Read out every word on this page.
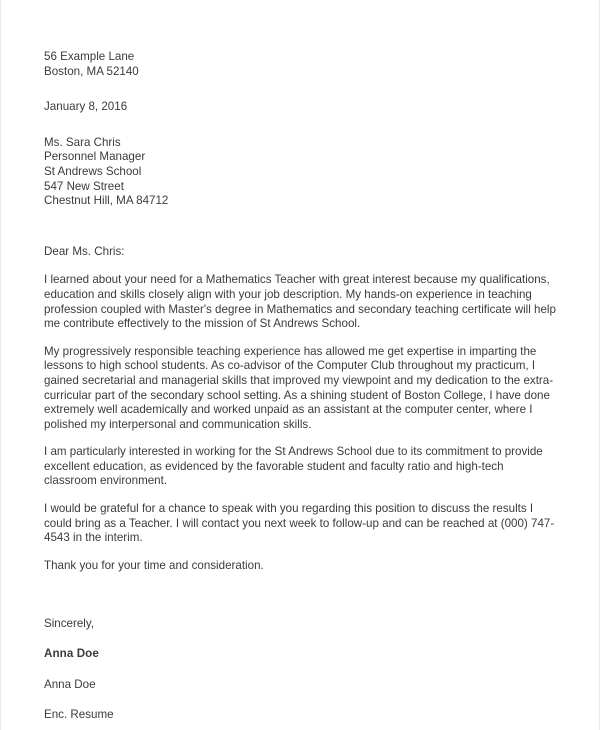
56 Example Lane
Boston, MA 52140
January 8, 2016
Ms. Sara Chris
Personnel Manager
St Andrews School
547 New Street
Chestnut Hill, MA 84712
Dear Ms. Chris:

I learned about your need for a Mathematics Teacher with great interest because my qualifications, education and skills closely align with your job description. My hands-on experience in teaching profession coupled with Master's degree in Mathematics and secondary teaching certificate will help me contribute effectively to the mission of St Andrews School.

My progressively responsible teaching experience has allowed me get expertise in imparting the lessons to high school students. As co-advisor of the Computer Club throughout my practicum, I gained secretarial and managerial skills that improved my viewpoint and my dedication to the extra-curricular part of the secondary school setting. As a shining student of Boston College, I have done extremely well academically and worked unpaid as an assistant at the computer center, where I polished my interpersonal and communication skills.

I am particularly interested in working for the St Andrews School due to its commitment to provide excellent education, as evidenced by the favorable student and faculty ratio and high-tech classroom environment.

I would be grateful for a chance to speak with you regarding this position to discuss the results I could bring as a Teacher. I will contact you next week to follow-up and can be reached at (000) 747-4543 in the interim.

Thank you for your time and consideration.

Sincerely,
Anna Doe
Anna Doe
Enc. Resume
